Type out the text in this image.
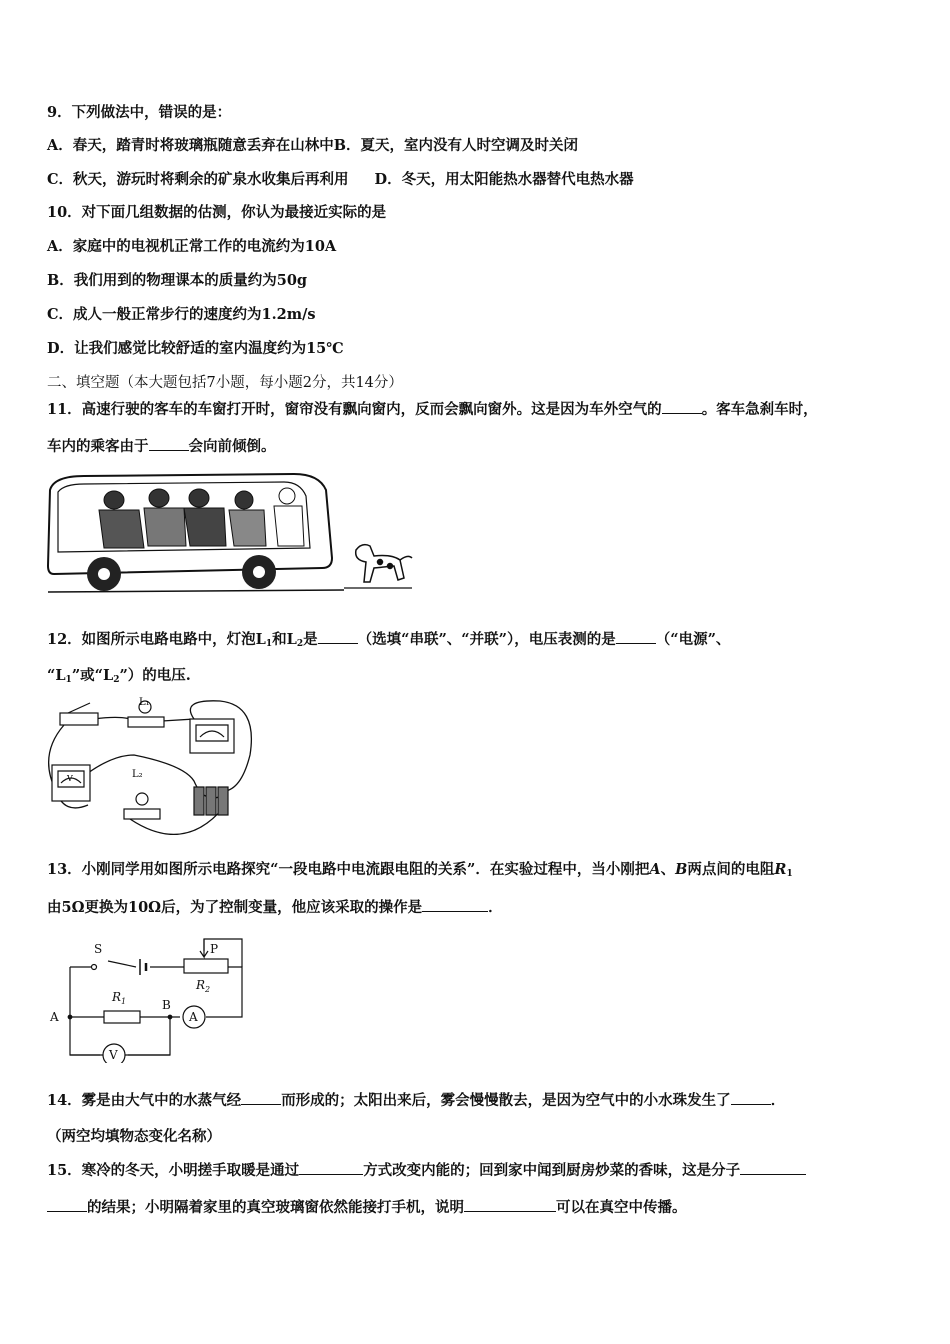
9．下列做法中，错误的是：
A．春天，踏青时将玻璃瓶随意丢弃在山林中B．夏天，室内没有人时空调及时关闭
C．秋天，游玩时将剩余的矿泉水收集后再利用 D．冬天，用太阳能热水器替代电热水器
10．对下面几组数据的估测，你认为最接近实际的是
A．家庭中的电视机正常工作的电流约为10A
B．我们用到的物理课本的质量约为50g
C．成人一般正常步行的速度约为1.2m/s
D．让我们感觉比较舒适的室内温度约为15℃
二、填空题（本大题包括7小题，每小题2分，共14分）
11．高速行驶的客车的车窗打开时，窗帘没有飘向窗内，反而会飘向窗外。这是因为车外空气的	。客车急刹车时，
车内的乘客由于	会向前倾倒。
12．如图所示电路电路中，灯泡$L_1$和$L_2$是	（选填“串联”、“并联”），电压表测的是	（“电源”、
“$L_1$”或“$L_2$”）的电压.
L₁
V	L₂
13．小刚同学用如图所示电路探究“一段电路中电流跟电阻的关系”．在实验过程中，当小刚把A、B两点间的电阻$R_1$
由5Ω更换为10Ω后，为了控制变量，他应该采取的操作是	．
S	P
$R_2$
$R_1$
A
B
A
V
14．雾是由大气中的水蒸气经	而形成的；太阳出来后，雾会慢慢散去，是因为空气中的小水珠发生了	．
（两空均填物态变化名称）
15．寒冷的冬天，小明搓手取暖是通过	方式改变内能的；回到家中闻到厨房炒菜的香味，这是分子
的结果；小明隔着家里的真空玻璃窗依然能接打手机，说明	可以在真空中传播。
